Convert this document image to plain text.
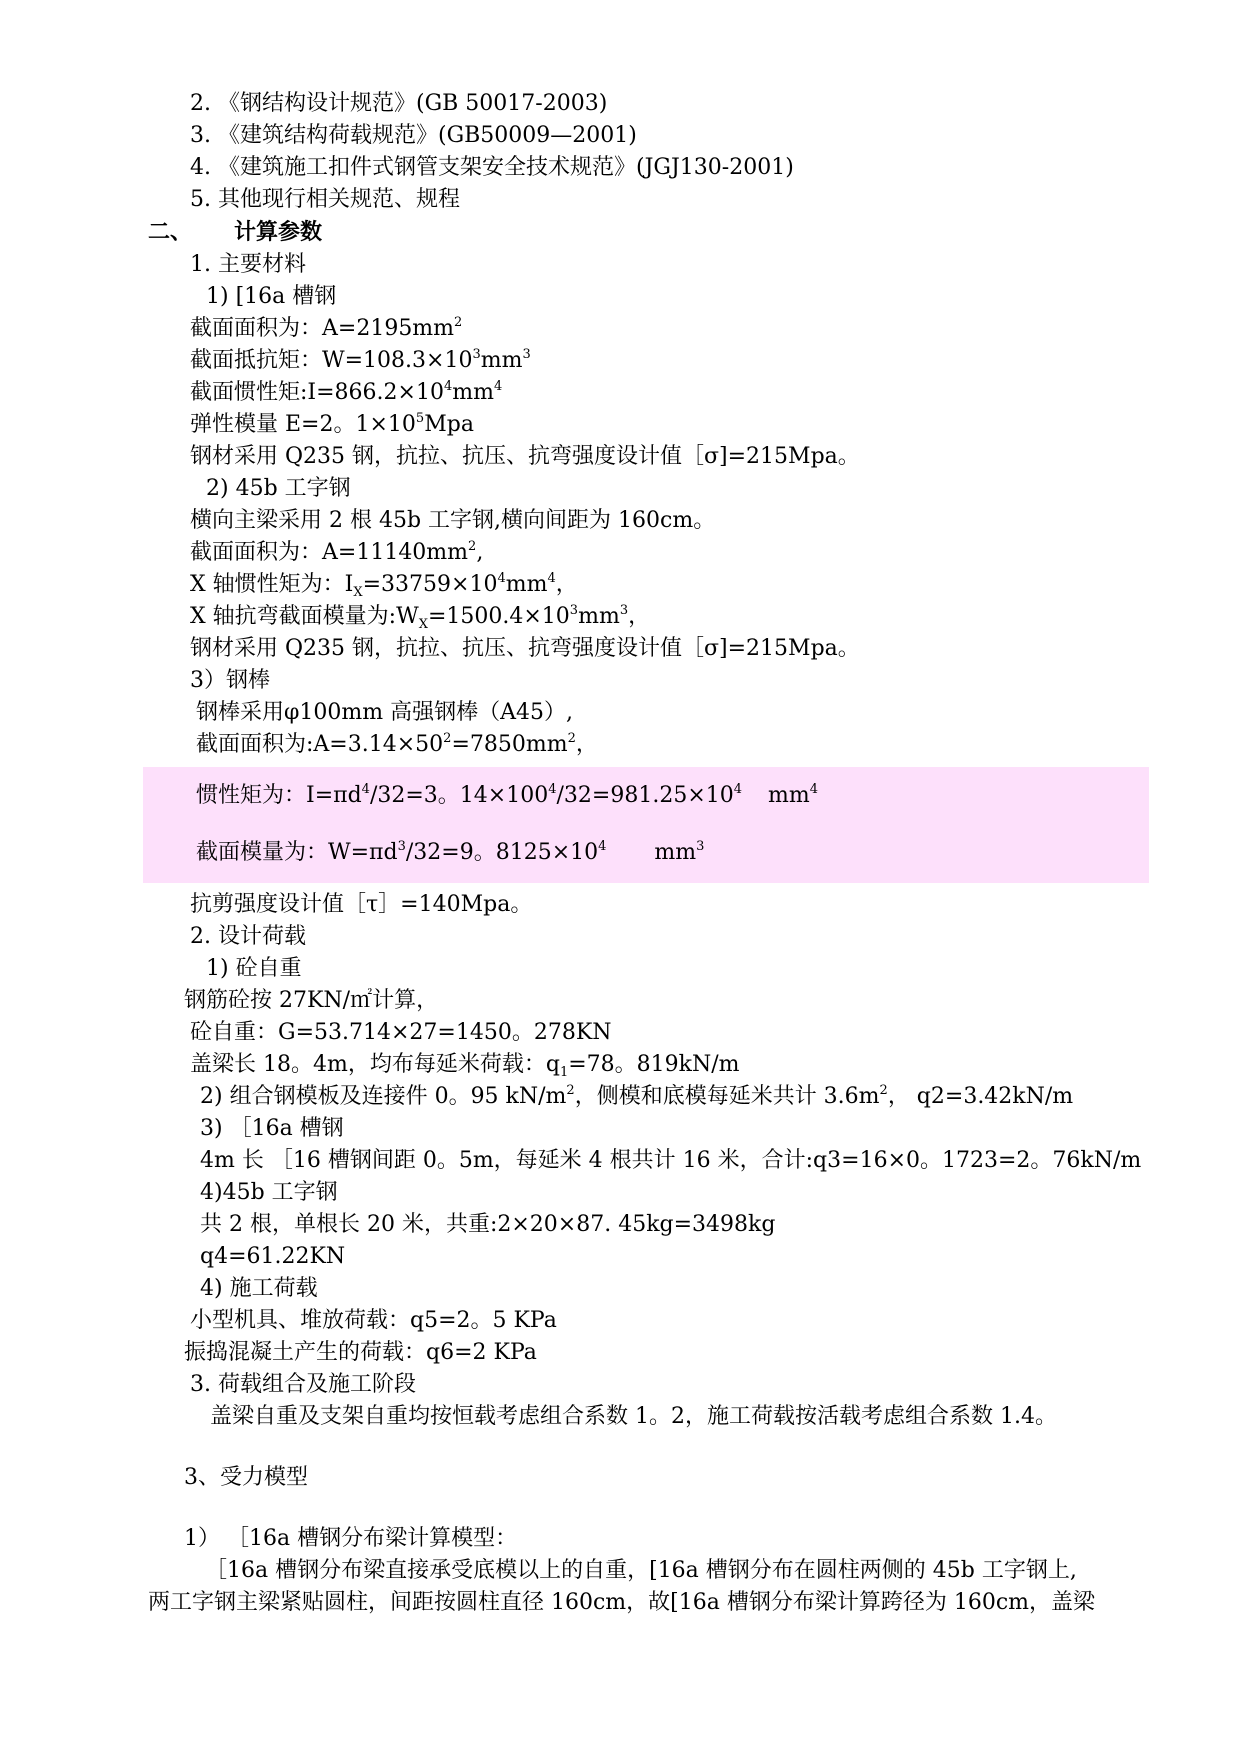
2. 《钢结构设计规范》(GB 50017-2003)
3. 《建筑结构荷载规范》(GB50009—2001)
4. 《建筑施工扣件式钢管支架安全技术规范》(JGJ130-2001)
5. 其他现行相关规范、规程
二、 计算参数
1. 主要材料
1) [16a 槽钢
截面面积为：$A=2195mm^2$
截面抵抗矩：$W=108.3\times 10^3mm^3$
截面惯性矩$:I=866.2\times 10^4mm^4$
弹性模量 E=2。$1\times 10^5Mpa$
钢材采用 Q235 钢，抗拉、抗压、抗弯强度设计值［σ]=215Mpa。
2) 45b 工字钢
横向主梁采用 2 根 45b 工字钢,横向间距为 160cm。
截面面积为：$A=11140mm^2$,
X 轴惯性矩为：$I_X=33759\times 10^4mm^4$，
X 轴抗弯截面模量为$:W_X=1500.4\times 10^3mm^3$，
钢材采用 Q235 钢，抗拉、抗压、抗弯强度设计值［σ]=215Mpa。
3）钢棒
钢棒采用φ100mm 高强钢棒（A45）,
截面面积为$:A=3.14\times 50^2=7850mm^2$，
惯性矩为：$I=\pi d^4/32=3$。$14\times 100^4/32=981.25\times 10^4$ $mm^4$
截面模量为：$W=\pi d^3/32=9$。$8125\times 10^4$ $mm^3$
抗剪强度设计值［τ］=140Mpa。
2. 设计荷载
1) 砼自重
钢筋砼按 27KN/㎡计算，
砼自重：G=53.714×27=1450。278KN
盖梁长 18。4m，均布每延米荷载：$q_1=78$。819kN/m
2) 组合钢模板及连接件 0。95 $kN/m^2$，侧模和底模每延米共计 $3.6m^2$， q2=3.42kN/m
3) ［16a 槽钢
4m 长 ［16 槽钢间距 0。5m，每延米 4 根共计 16 米，合计:q3=16×0。1723=2。76kN/m
4)45b 工字钢
共 2 根，单根长 20 米，共重:2×20×87. 45kg=3498kg
q4=61.22KN
4) 施工荷载
小型机具、堆放荷载：q5=2。5 KPa
振捣混凝土产生的荷载：q6=2 KPa
3. 荷载组合及施工阶段
盖梁自重及支架自重均按恒载考虑组合系数 1。2，施工荷载按活载考虑组合系数 1.4。
3、受力模型
1） ［16a 槽钢分布梁计算模型：
［16a 槽钢分布梁直接承受底模以上的自重，[16a 槽钢分布在圆柱两侧的 45b 工字钢上,
两工字钢主梁紧贴圆柱，间距按圆柱直径 160cm，故[16a 槽钢分布梁计算跨径为 160cm，盖梁
